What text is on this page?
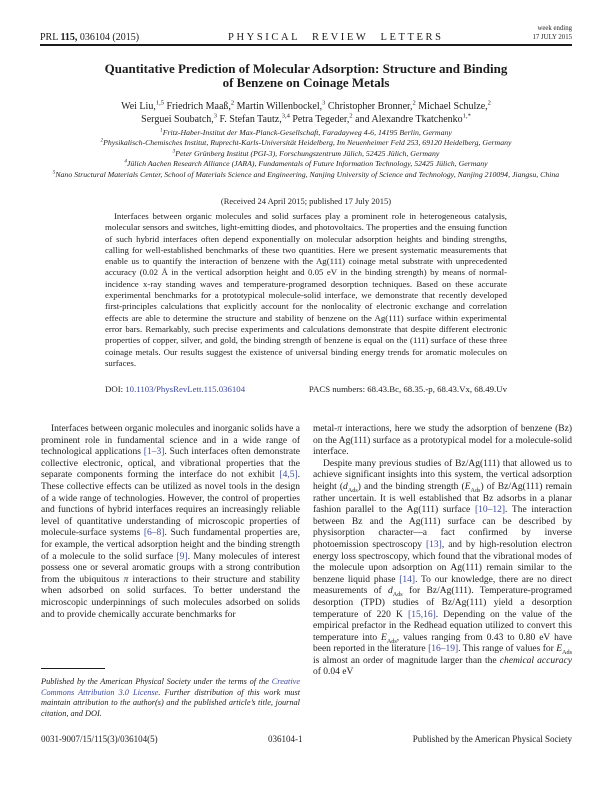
PRL 115, 036104 (2015)	PHYSICAL REVIEW LETTERS
week ending
17 JULY 2015
Quantitative Prediction of Molecular Adsorption: Structure and Binding
of Benzene on Coinage Metals
Wei Liu,$^{1,5}$ Friedrich Maaß,$^2$ Martin Willenbockel,$^3$ Christopher Bronner,$^2$ Michael Schulze,$^2$
Serguei Soubatch,$^3$ F. Stefan Tautz,$^{3,4}$ Petra Tegeder,$^2$ and Alexandre Tkatchenko$^{1,*}$
$^1$Fritz-Haber-Institut der Max-Planck-Gesellschaft, Faradayweg 4-6, 14195 Berlin, Germany
$^2$Physikalisch-Chemisches Institut, Ruprecht-Karls-Universität Heidelberg, Im Neuenheimer Feld 253, 69120 Heidelberg, Germany
$^3$Peter Grünberg Institut (PGI-3), Forschungszentrum Jülich, 52425 Jülich, Germany
$^4$Jülich Aachen Research Alliance (JARA), Fundamentals of Future Information Technology, 52425 Jülich, Germany
$^5$Nano Structural Materials Center, School of Materials Science and Engineering, Nanjing University of Science and Technology, Nanjing 210094, Jiangsu, China
(Received 24 April 2015; published 17 July 2015)
Interfaces between organic molecules and solid surfaces play a prominent role in heterogeneous catalysis, molecular sensors and switches, light-emitting diodes, and photovoltaics. The properties and the ensuing function of such hybrid interfaces often depend exponentially on molecular adsorption heights and binding strengths, calling for well-established benchmarks of these two quantities. Here we present systematic measurements that enable us to quantify the interaction of benzene with the Ag(111) coinage metal substrate with unprecedented accuracy (0.02 Å in the vertical adsorption height and 0.05 eV in the binding strength) by means of normal-incidence x-ray standing waves and temperature-programed desorption techniques. Based on these accurate experimental benchmarks for a prototypical molecule-solid interface, we demonstrate that recently developed first-principles calculations that explicitly account for the nonlocality of electronic exchange and correlation effects are able to determine the structure and stability of benzene on the Ag(111) surface within experimental error bars. Remarkably, such precise experiments and calculations demonstrate that despite different electronic properties of copper, silver, and gold, the binding strength of benzene is equal on the (111) surface of these three coinage metals. Our results suggest the existence of universal binding energy trends for aromatic molecules on surfaces.
DOI: 10.1103/PhysRevLett.115.036104	PACS numbers: 68.43.Bc, 68.35.-p, 68.43.Vx, 68.49.Uv

Interfaces between organic molecules and inorganic solids have a prominent role in fundamental science and in a wide range of technological applications [1–3]. Such interfaces often demonstrate collective electronic, optical, and vibrational properties that the separate components forming the interface do not exhibit [4,5]. These collective effects can be utilized as novel tools in the design of a wide range of technologies. However, the control of properties and functions of hybrid interfaces requires an increasingly reliable level of quantitative understanding of microscopic properties of molecule-surface systems [6–8]. Such fundamental properties are, for example, the vertical adsorption height and the binding strength of a molecule to the solid surface [9]. Many molecules of interest possess one or several aromatic groups with a strong contribution from the ubiquitous π interactions to their structure and stability when adsorbed on solid surfaces. To better understand the microscopic underpinnings of such molecules adsorbed on solids and to provide chemically accurate benchmarks for

Published by the American Physical Society under the terms of the Creative Commons Attribution 3.0 License. Further distribution of this work must maintain attribution to the author(s) and the published article’s title, journal citation, and DOI.

metal-π interactions, here we study the adsorption of benzene (Bz) on the Ag(111) surface as a prototypical model for a molecule-solid interface.

Despite many previous studies of Bz/Ag(111) that allowed us to achieve significant insights into this system, the vertical adsorption height $(d_{Ads})$ and the binding strength $(E_{Ads})$ of Bz/Ag(111) remain rather uncertain. It is well established that Bz adsorbs in a planar fashion parallel to the Ag(111) surface [10–12]. The interaction between Bz and the Ag(111) surface can be described by physisorption character—a fact confirmed by inverse photoemission spectroscopy [13], and by high-resolution electron energy loss spectroscopy, which found that the vibrational modes of the molecule upon adsorption on Ag(111) remain similar to the benzene liquid phase [14]. To our knowledge, there are no direct measurements of $d_{Ads}$ for Bz/Ag(111). Temperature-programed desorption (TPD) studies of Bz/Ag(111) yield a desorption temperature of 220 K [15,16]. Depending on the value of the empirical prefactor in the Redhead equation utilized to convert this temperature into $E_{Ads}$, values ranging from 0.43 to 0.80 eV have been reported in the literature [16–19]. This range of values for $E_{Ads}$ is almost an order of magnitude larger than the chemical accuracy of 0.04 eV

0031-9007/15/115(3)/036104(5)	036104-1	Published by the American Physical Society
